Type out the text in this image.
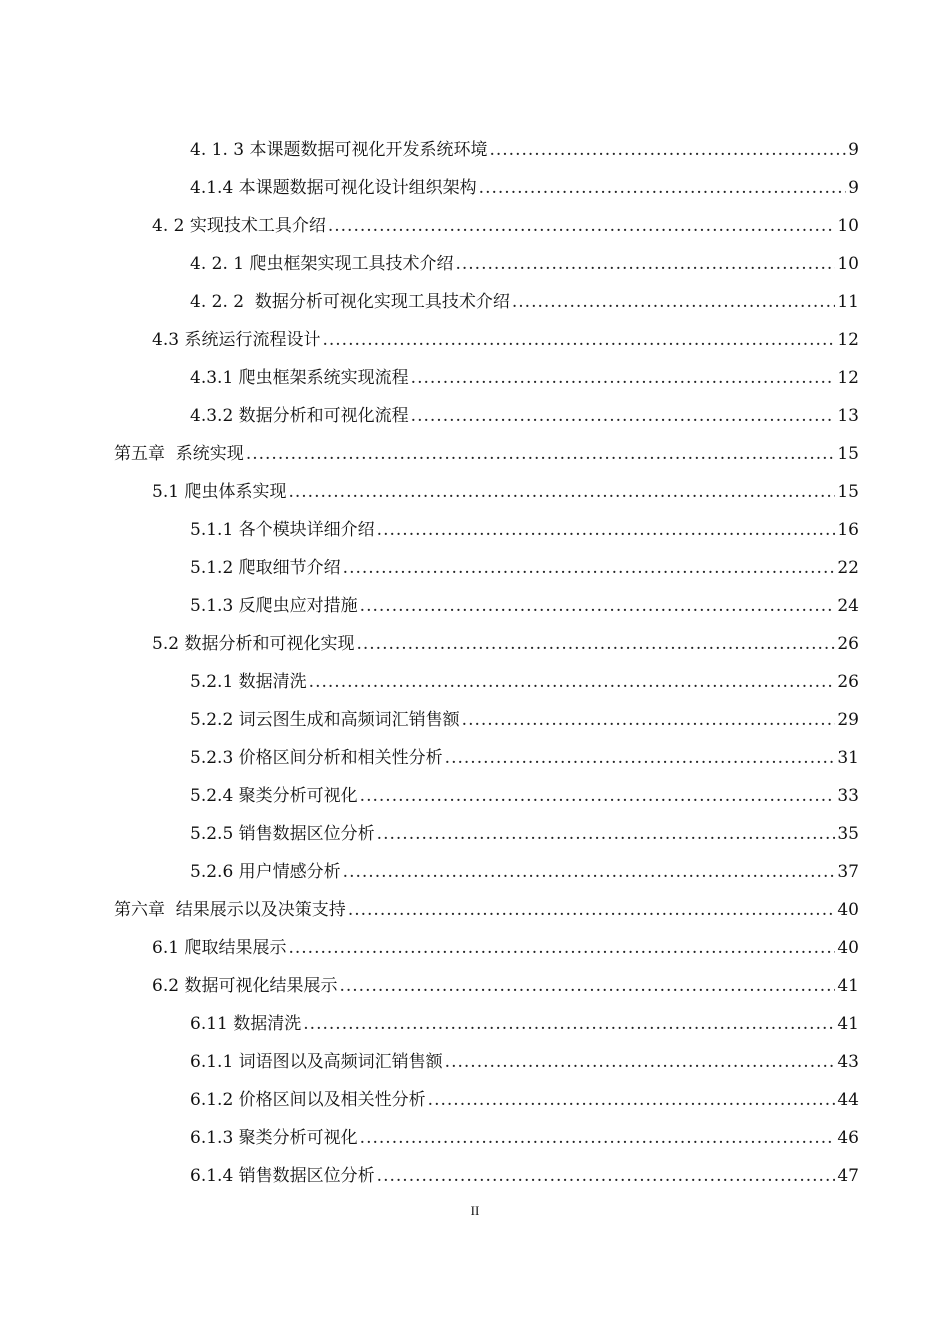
4. 1. 3 本课题数据可视化开发系统环境 .....	9
4.1.4 本课题数据可视化设计组织架构 .....	9
4. 2 实现技术工具介绍 .....	10
4. 2. 1 爬虫框架实现工具技术介绍 .....	10
4. 2. 2  数据分析可视化实现工具技术介绍 .....	11
4.3 系统运行流程设计 .....	12
4.3.1 爬虫框架系统实现流程 .....	12
4.3.2 数据分析和可视化流程 .....	13
第五章  系统实现 .....	15
5.1 爬虫体系实现 .....	15
5.1.1 各个模块详细介绍 .....	16
5.1.2 爬取细节介绍 .....	22
5.1.3 反爬虫应对措施 .....	24
5.2 数据分析和可视化实现 .....	26
5.2.1 数据清洗 .....	26
5.2.2 词云图生成和高频词汇销售额 .....	29
5.2.3 价格区间分析和相关性分析 .....	31
5.2.4 聚类分析可视化 .....	33
5.2.5 销售数据区位分析 .....	35
5.2.6 用户情感分析 .....	37
第六章  结果展示以及决策支持 .....	40
6.1 爬取结果展示 .....	40
6.2 数据可视化结果展示 .....	41
6.11 数据清洗 .....	41
6.1.1 词语图以及高频词汇销售额 .....	43
6.1.2 价格区间以及相关性分析 .....	44
6.1.3 聚类分析可视化 .....	46
6.1.4 销售数据区位分析 .....	47
II
